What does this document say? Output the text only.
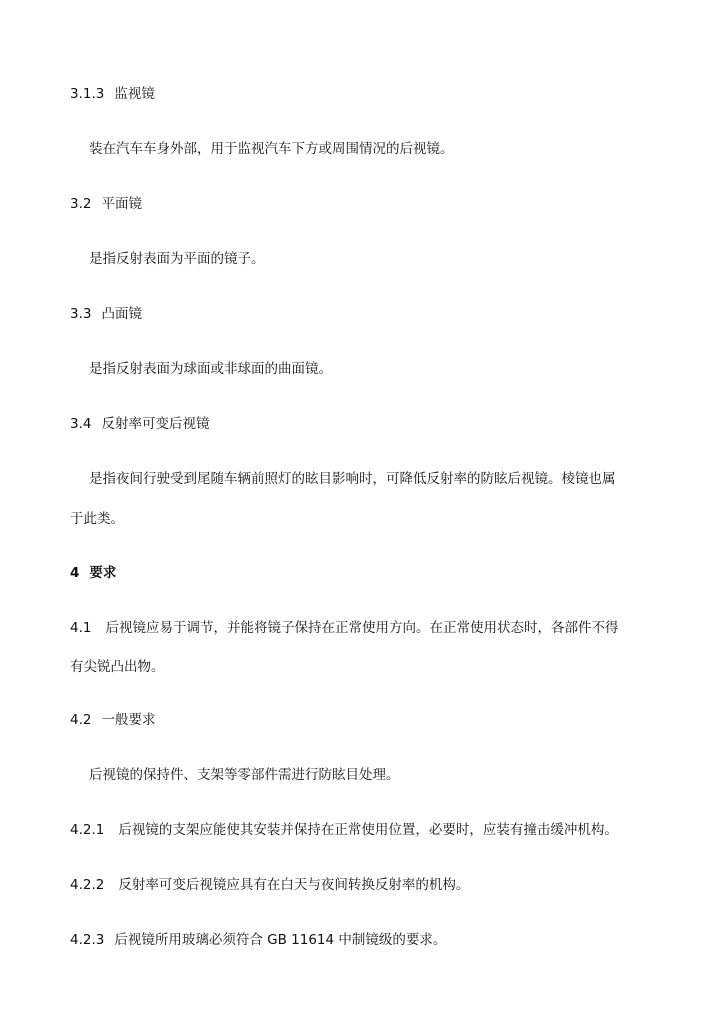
3.1.3 监视镜
装在汽车车身外部，用于监视汽车下方或周围情况的后视镜。
3.2 平面镜
是指反射表面为平面的镜子。
3.3 凸面镜
是指反射表面为球面或非球面的曲面镜。
3.4 反射率可变后视镜
是指夜间行驶受到尾随车辆前照灯的眩目影响时，可降低反射率的防眩后视镜。棱镜也属
于此类。
4 要求
4.1 后视镜应易于调节，并能将镜子保持在正常使用方向。在正常使用状态时，各部件不得
有尖锐凸出物。
4.2 一般要求
后视镜的保持件、支架等零部件需进行防眩目处理。
4.2.1 后视镜的支架应能使其安装并保持在正常使用位置，必要时，应装有撞击缓冲机构。
4.2.2 反射率可变后视镜应具有在白天与夜间转换反射率的机构。
4.2.3 后视镜所用玻璃必须符合 GB 11614 中制镜级的要求。
